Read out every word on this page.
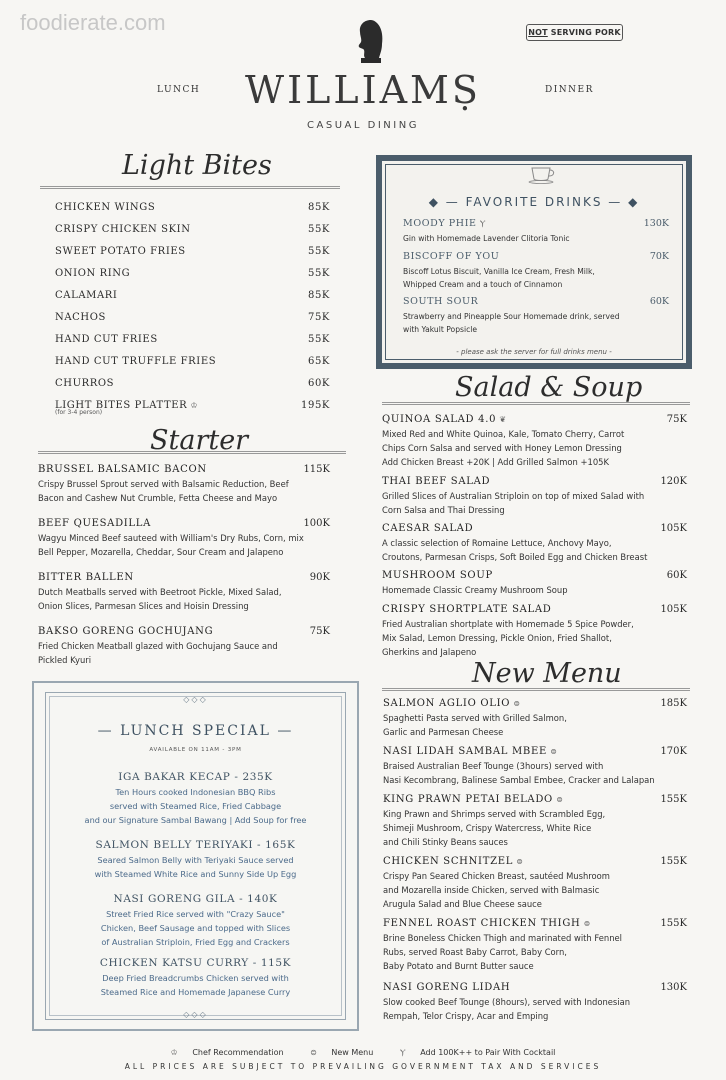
foodierate.com	NOT SERVING PORK
LUNCH	DINNER
WILLIAMṢ
CASUAL DINING
Light Bites
CHICKEN WINGS	85K
CRISPY CHICKEN SKIN	55K
SWEET POTATO FRIES	55K
ONION RING	55K
CALAMARI	85K
NACHOS	75K
HAND CUT FRIES	55K
HAND CUT TRUFFLE FRIES	65K
CHURROS	60K
LIGHT BITES PLATTER ♔	195K
(for 3-4 person)
Starter
BRUSSEL BALSAMIC BACON	115K
Crispy Brussel Sprout served with Balsamic Reduction, Beef
Bacon and Cashew Nut Crumble, Fetta Cheese and Mayo
BEEF QUESADILLA	100K
Wagyu Minced Beef sauteed with William's Dry Rubs, Corn, mix
Bell Pepper, Mozarella, Cheddar, Sour Cream and Jalapeno
BITTER BALLEN	90K
Dutch Meatballs served with Beetroot Pickle, Mixed Salad,
Onion Slices, Parmesan Slices and Hoisin Dressing
BAKSO GORENG GOCHUJANG	75K
Fried Chicken Meatball glazed with Gochujang Sauce and
Pickled Kyuri
◆ — FAVORITE DRINKS — ◆
MOODY PHIE Ⲩ	130K
Gin with Homemade Lavender Clitoria Tonic
BISCOFF OF YOU	70K
Biscoff Lotus Biscuit, Vanilla Ice Cream, Fresh Milk,
Whipped Cream and a touch of Cinnamon
SOUTH SOUR	60K
Strawberry and Pineapple Sour Homemade drink, served
with Yakult Popsicle
- please ask the server for full drinks menu -
Salad & Soup
QUINOA SALAD 4.0 ❦	75K
Mixed Red and White Quinoa, Kale, Tomato Cherry, Carrot
Chips Corn Salsa and served with Honey Lemon Dressing
Add Chicken Breast +20K | Add Grilled Salmon +105K
THAI BEEF SALAD	120K
Grilled Slices of Australian Striploin on top of mixed Salad with
Corn Salsa and Thai Dressing
CAESAR SALAD	105K
A classic selection of Romaine Lettuce, Anchovy Mayo,
Croutons, Parmesan Crisps, Soft Boiled Egg and Chicken Breast
MUSHROOM SOUP	60K
Homemade Classic Creamy Mushroom Soup
CRISPY SHORTPLATE SALAD	105K
Fried Australian shortplate with Homemade 5 Spice Powder,
Mix Salad, Lemon Dressing, Pickle Onion, Fried Shallot,
Gherkins and Jalapeno
New Menu
SALMON AGLIO OLIO ⊜	185K
Spaghetti Pasta served with Grilled Salmon,
Garlic and Parmesan Cheese
NASI LIDAH SAMBAL MBEE ⊜	170K
Braised Australian Beef Tounge (3hours) served with
Nasi Kecombrang, Balinese Sambal Embee, Cracker and Lalapan
KING PRAWN PETAI BELADO ⊜	155K
King Prawn and Shrimps served with Scrambled Egg,
Shimeji Mushroom, Crispy Watercress, White Rice
and Chili Stinky Beans sauces
CHICKEN SCHNITZEL ⊜	155K
Crispy Pan Seared Chicken Breast, sautéed Mushroom
and Mozarella inside Chicken, served with Balmasic
Arugula Salad and Blue Cheese sauce
FENNEL ROAST CHICKEN THIGH ⊜	155K
Brine Boneless Chicken Thigh and marinated with Fennel
Rubs, served Roast Baby Carrot, Baby Corn,
Baby Potato and Burnt Butter sauce
NASI GORENG LIDAH	130K
Slow cooked Beef Tounge (8hours), served with Indonesian
Rempah, Telor Crispy, Acar and Emping
◇◇◇
— LUNCH SPECIAL —
AVAILABLE ON 11AM - 3PM
IGA BAKAR KECAP - 235K
Ten Hours cooked Indonesian BBQ Ribs
served with Steamed Rice, Fried Cabbage
and our Signature Sambal Bawang | Add Soup for free
SALMON BELLY TERIYAKI - 165K
Seared Salmon Belly with Teriyaki Sauce served
with Steamed White Rice and Sunny Side Up Egg
NASI GORENG GILA - 140K
Street Fried Rice served with "Crazy Sauce"
Chicken, Beef Sausage and topped with Slices
of Australian Striploin, Fried Egg and Crackers
CHICKEN KATSU CURRY - 115K
Deep Fried Breadcrumbs Chicken served with
Steamed Rice and Homemade Japanese Curry
◇◇◇
♔ Chef Recommendation	⊜ New Menu	Ⲩ Add 100K++ to Pair With Cocktail
ALL PRICES ARE SUBJECT TO PREVAILING GOVERNMENT TAX AND SERVICES
